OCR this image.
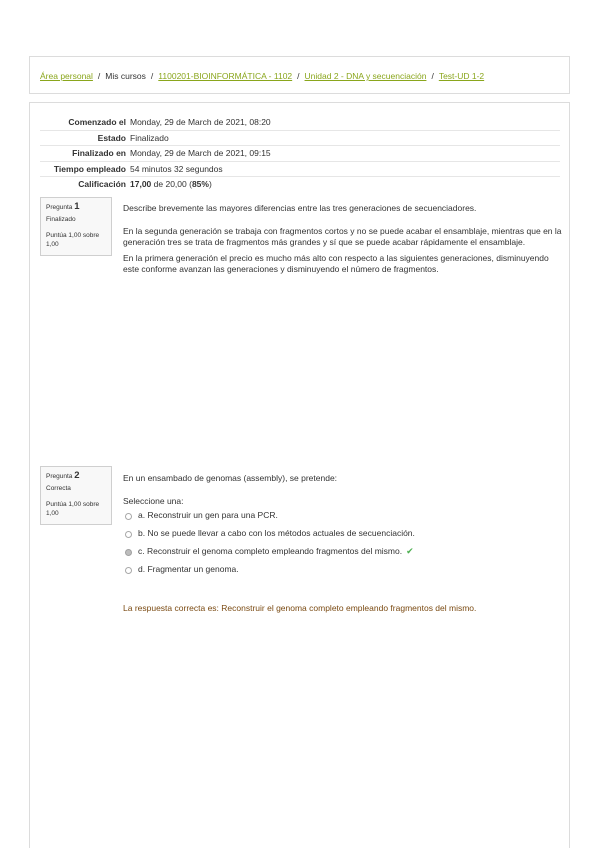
Área personal / Mis cursos / 1100201-BIOINFORMÁTICA - 1102 / Unidad 2 - DNA y secuenciación / Test-UD 1-2
Comenzado el	Monday, 29 de March de 2021, 08:20
Estado	Finalizado
Finalizado en	Monday, 29 de March de 2021, 09:15
Tiempo empleado	54 minutos 32 segundos
Calificación	17,00 de 20,00 (85%)
Pregunta 1
Finalizado
Puntúa 1,00 sobre 1,00

Describe brevemente las mayores diferencias entre las tres generaciones de secuenciadores.

En la segunda generación se trabaja con fragmentos cortos y no se puede acabar el ensamblaje, mientras que en la generación tres se trata de fragmentos más grandes y sí que se puede acabar rápidamente el ensamblaje.

En la primera generación el precio es mucho más alto con respecto a las siguientes generaciones, disminuyendo este conforme avanzan las generaciones y disminuyendo el número de fragmentos.

Pregunta 2
Correcta
Puntúa 1,00 sobre 1,00

En un ensambado de genomas (assembly), se pretende:

Seleccione una:

a. Reconstruir un gen para una PCR.
b. No se puede llevar a cabo con los métodos actuales de secuenciación.
c. Reconstruir el genoma completo empleando fragmentos del mismo. ✔
d. Fragmentar un genoma.

La respuesta correcta es: Reconstruir el genoma completo empleando fragmentos del mismo.
